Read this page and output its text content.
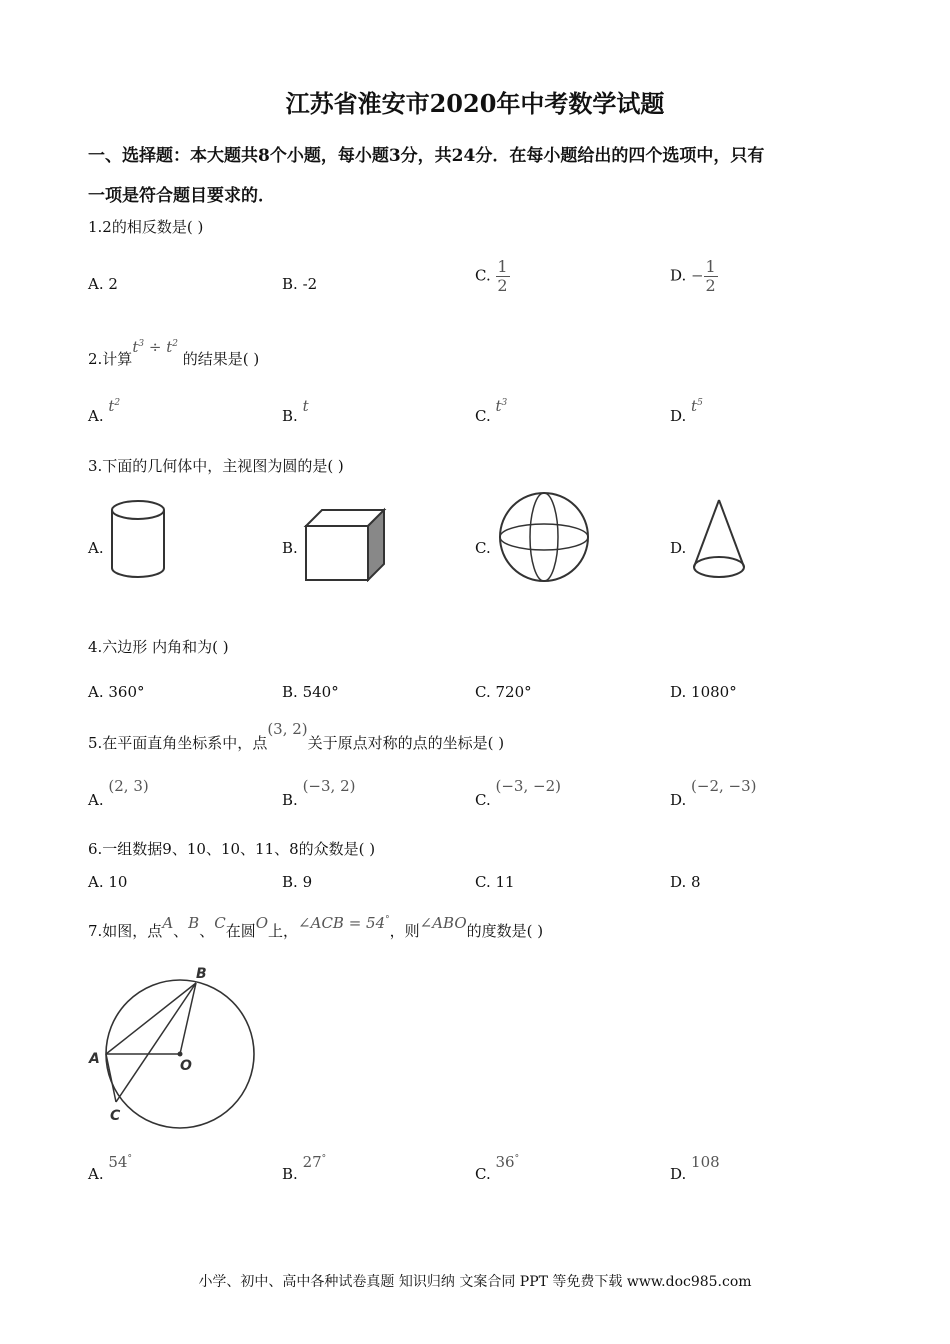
江苏省淮安市2020年中考数学试题
一、选择题：本大题共8个小题，每小题3分，共24分．在每小题给出的四个选项中，只有
一项是符合题目要求的．
1.2的相反数是( )
A. 2	B. -2	C. $\frac{1}{2}$	D. − $\frac{1}{2}$
2.计算$t^3 \div t^2$ 的结果是( )
A. $t^2$
B. t
C. $t^3$
D. $t^5$
3.下面的几何体中，主视图为圆的是( )
A.	B.	C.	D.
4.六边形 内角和为( )
A. 360°	B. 540°	C. 720°	D. 1080°
5.在平面直角坐标系中，点(3, 2)关于原点对称的点的坐标是( )
A. (2, 3)
B. (−3, 2)
C. (−3, −2)
D. (−2, −3)
6.一组数据9、10、10、11、8的众数是( )
A. 10	B. 9	C. 11	D. 8
7.如图，点A、B、C在圆O上，∠ACB = 54°，则∠ABO的度数是( )
B
A	O
C
A. 54°
B. 27°
C. 36°
D. 108
小学、初中、高中各种试卷真题 知识归纳 文案合同 PPT 等免费下载 www.doc985.com
